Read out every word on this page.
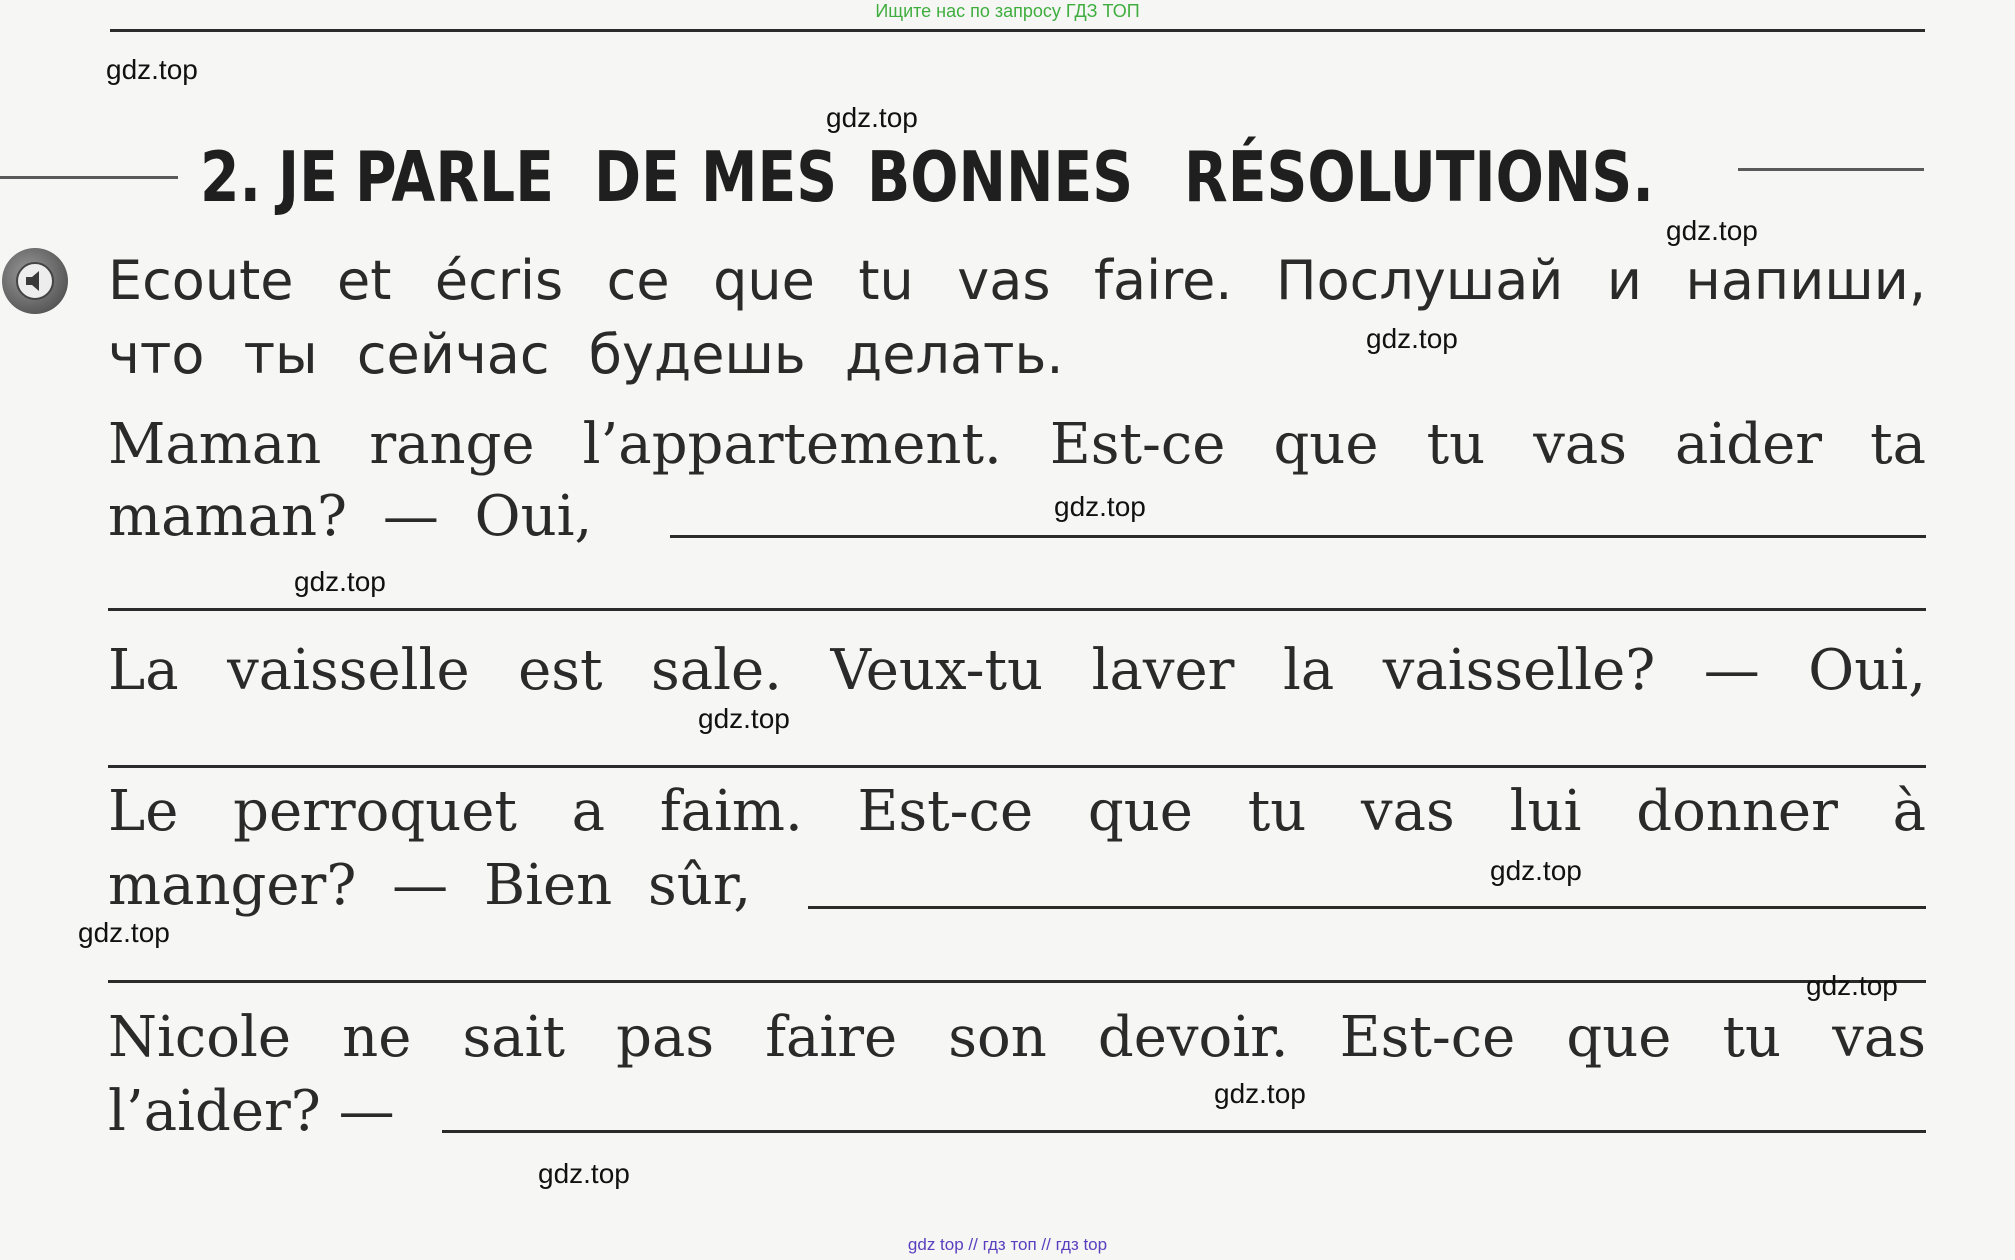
Ищите нас по запросу ГДЗ ТОП
2. JE PARLE DE MES BONNES RÉSOLUTIONS.
Ecoute et écris ce que tu vas faire. Послушай и напиши,
что ты сейчас будешь делать.
Maman range l’appartement. Est-ce que tu vas aider ta
maman? — Oui,
La vaisselle est sale. Veux-tu laver la vaisselle? — Oui,
Le perroquet a faim. Est-ce que tu vas lui donner à
manger? — Bien sûr,
Nicole ne sait pas faire son devoir. Est-ce que tu vas
l’aider? —
gdz.top
gdz.top
gdz.top
gdz.top
gdz.top
gdz.top
gdz.top
gdz.top
gdz.top
gdz.top
gdz.top
gdz.top
gdz top // гдз топ // гдз top
